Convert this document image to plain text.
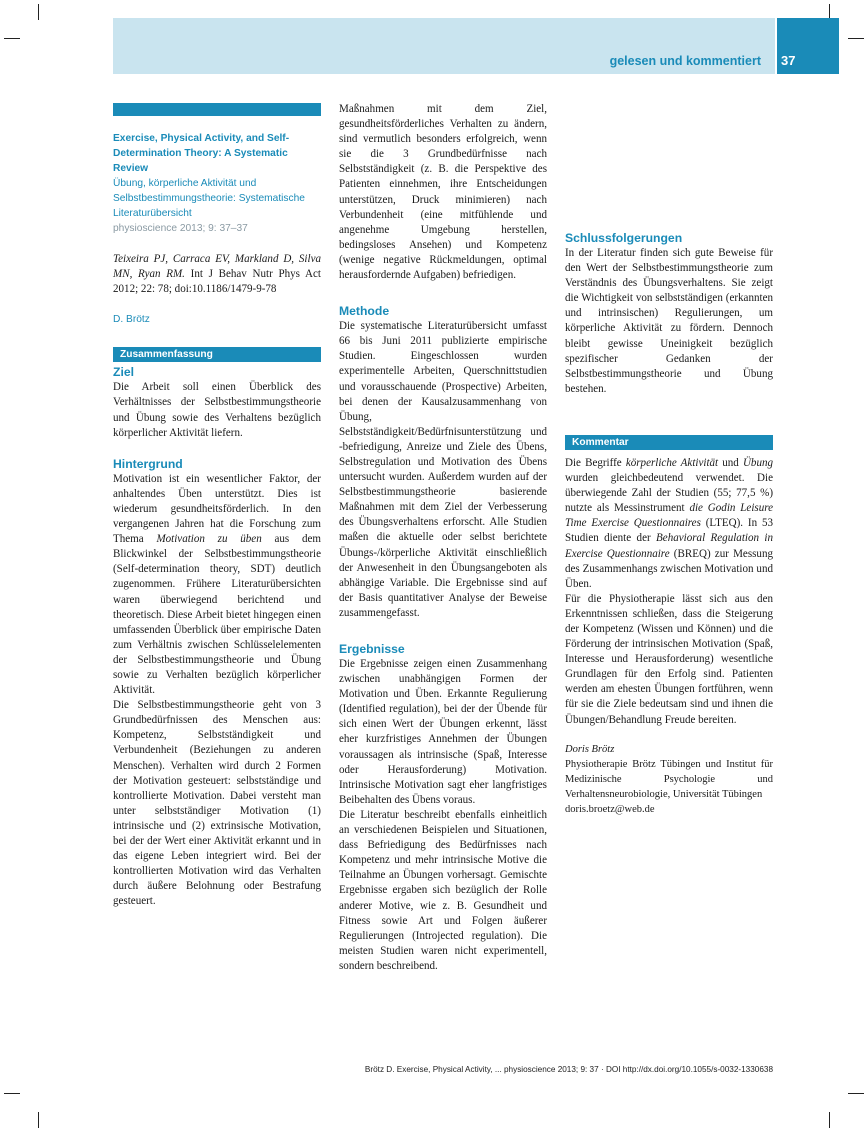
gelesen und kommentiert 37

Exercise, Physical Activity, and Self-Determination Theory: A Systematic Review

Übung, körperliche Aktivität und Selbstbestimmungstheorie: Systematische Literaturübersicht

physioscience 2013; 9: 37–37

Teixeira PJ, Carraca EV, Markland D, Silva MN, Ryan RM. Int J Behav Nutr Phys Act 2012; 22: 78; doi:10.1186/1479-9-78

D. Brötz

Zusammenfassung
Ziel

Die Arbeit soll einen Überblick des Verhältnisses der Selbstbestimmungstheorie und Übung sowie des Verhaltens bezüglich körperlicher Aktivität liefern.

Hintergrund

Motivation ist ein wesentlicher Faktor, der anhaltendes Üben unterstützt. Dies ist wiederum gesundheitsförderlich. In den vergangenen Jahren hat die Forschung zum Thema Motivation zu üben aus dem Blickwinkel der Selbstbestimmungstheorie (Self-determination theory, SDT) deutlich zugenommen. Frühere Literaturübersichten waren überwiegend berichtend und theoretisch. Diese Arbeit bietet hingegen einen umfassenden Überblick über empirische Daten zum Verhältnis zwischen Schlüsselelementen der Selbstbestimmungstheorie und Übung sowie zu Verhalten bezüglich körperlicher Aktivität.

Die Selbstbestimmungstheorie geht von 3 Grundbedürfnissen des Menschen aus: Kompetenz, Selbstständigkeit und Verbundenheit (Beziehungen zu anderen Menschen). Verhalten wird durch 2 Formen der Motivation gesteuert: selbstständige und kontrollierte Motivation. Dabei versteht man unter selbstständiger Motivation (1) intrinsische und (2) extrinsische Motivation, bei der der Wert einer Aktivität erkannt und in das eigene Leben integriert wird. Bei der kontrollierten Motivation wird das Verhalten durch äußere Belohnung oder Bestrafung gesteuert.

Maßnahmen mit dem Ziel, gesundheitsförderliches Verhalten zu ändern, sind vermutlich besonders erfolgreich, wenn sie die 3 Grundbedürfnisse nach Selbstständigkeit (z. B. die Perspektive des Patienten einnehmen, ihre Entscheidungen unterstützen, Druck minimieren) nach Verbundenheit (eine mitfühlende und angenehme Umgebung herstellen, bedingsloses Ansehen) und Kompetenz (wenige negative Rückmeldungen, optimal herausfordernde Aufgaben) befriedigen.

Methode

Die systematische Literaturübersicht umfasst 66 bis Juni 2011 publizierte empirische Studien. Eingeschlossen wurden experimentelle Arbeiten, Querschnittstudien und vorausschauende (Prospective) Arbeiten, bei denen der Kausalzusammenhang von Übung, Selbstständigkeit/Bedürfnisunterstützung und -befriedigung, Anreize und Ziele des Übens, Selbstregulation und Motivation des Übens untersucht wurden. Außerdem wurden auf der Selbstbestimmungstheorie basierende Maßnahmen mit dem Ziel der Verbesserung des Übungsverhaltens erforscht. Alle Studien maßen die aktuelle oder selbst berichtete Übungs-/körperliche Aktivität einschließlich der Anwesenheit in den Übungsangeboten als abhängige Variable. Die Ergebnisse sind auf der Basis quantitativer Analyse der Beweise zusammengefasst.

Ergebnisse

Die Ergebnisse zeigen einen Zusammenhang zwischen unabhängigen Formen der Motivation und Üben. Erkannte Regulierung (Identified regulation), bei der der Übende für sich einen Wert der Übungen erkennt, lässt eher kurzfristiges Annehmen der Übungen voraussagen als intrinsische (Spaß, Interesse oder Herausforderung) Motivation. Intrinsische Motivation sagt eher langfristiges Beibehalten des Übens voraus.

Die Literatur beschreibt ebenfalls einheitlich an verschiedenen Beispielen und Situationen, dass Befriedigung des Bedürfnisses nach Kompetenz und mehr intrinsische Motive die Teilnahme an Übungen vorhersagt. Gemischte Ergebnisse ergaben sich bezüglich der Rolle anderer Motive, wie z. B. Gesundheit und Fitness sowie Art und Folgen äußerer Regulierungen (Introjected regulation). Die meisten Studien waren nicht experimentell, sondern beschreibend.

Schlussfolgerungen

In der Literatur finden sich gute Beweise für den Wert der Selbstbestimmungstheorie zum Verständnis des Übungsverhaltens. Sie zeigt die Wichtigkeit von selbstständigen (erkannten und intrinsischen) Regulierungen, um körperliche Aktivität zu fördern. Dennoch bleibt gewisse Uneinigkeit bezüglich spezifischer Gedanken der Selbstbestimmungstheorie und Übung bestehen.

Kommentar

Die Begriffe körperliche Aktivität und Übung wurden gleichbedeutend verwendet. Die überwiegende Zahl der Studien (55; 77,5 %) nutzte als Messinstrument die Godin Leisure Time Exercise Questionnaires (LTEQ). In 53 Studien diente der Behavioral Regulation in Exercise Questionnaire (BREQ) zur Messung des Zusammenhangs zwischen Motivation und Üben.

Für die Physiotherapie lässt sich aus den Erkenntnissen schließen, dass die Steigerung der Kompetenz (Wissen und Können) und die Förderung der intrinsischen Motivation (Spaß, Interesse und Herausforderung) wesentliche Grundlagen für den Erfolg sind. Patienten werden am ehesten Übungen fortführen, wenn für sie die Ziele bedeutsam sind und ihnen die Übungen/Behandlung Freude bereiten.

Doris Brötz

Physiotherapie Brötz Tübingen und Institut für Medizinische Psychologie und Verhaltensneurobiologie, Universität Tübingen

doris.broetz@web.de

Brötz D. Exercise, Physical Activity, ... physioscience 2013; 9: 37 · DOI http://dx.doi.org/10.1055/s-0032-1330638
